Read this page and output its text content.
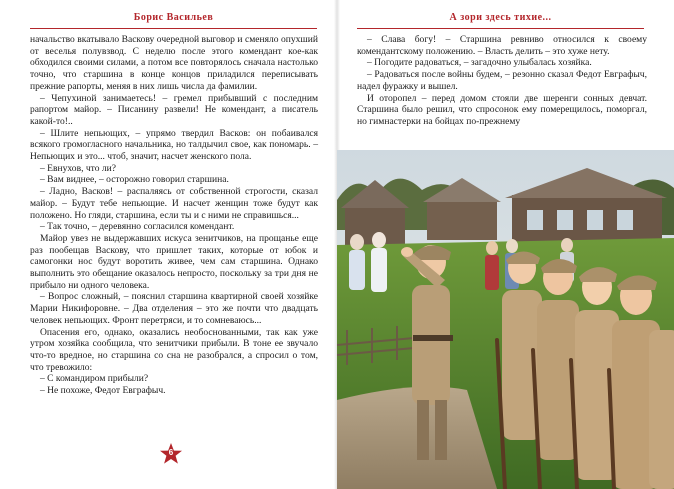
Борис Васильев

начальство вкатывало Васкову очередной выговор и сменяло опухший от веселья полувзвод. С неделю после этого комендант кое-как обходился своими силами, а потом все повторялось сначала настолько точно, что старшина в конце концов приладился переписывать прежние рапорты, меняя в них лишь числа да фамилии.

– Чепухиной занимаетесь! – гремел прибывший с последним рапортом майор. – Писанину развели! Не комендант, а писатель какой-то!..

– Шлите непьющих, – упрямо твердил Васков: он побаивался всякого громогласного начальника, но талдычил свое, как пономарь. – Непьющих и это... чтоб, значит, насчет женского пола.

– Евнухов, что ли?

– Вам виднее, – осторожно говорил старшина.

– Ладно, Васков! – распаляясь от собственной строгости, сказал майор. – Будут тебе непьющие. И насчет женщин тоже будут как положено. Но гляди, старшина, если ты и с ними не справишься...

– Так точно, – деревянно согласился комендант.

Майор увез не выдержавших искуса зенитчиков, на прощанье еще раз пообещав Васкову, что пришлет таких, которые от юбок и самогонки нос будут воротить живее, чем сам старшина. Однако выполнить это обещание оказалось непросто, поскольку за три дня не прибыло ни одного человека.

– Вопрос сложный, – пояснил старшина квартирной своей хозяйке Марии Никифоровне. – Два отделения – это же почти что двадцать человек непьющих. Фронт перетряси, и то сомневаюсь...

Опасения его, однако, оказались необоснованными, так как уже утром хозяйка сообщила, что зенитчики прибыли. В тоне ее звучало что-то вредное, но старшина со сна не разобрался, а спросил о том, что тревожило:

– С командиром прибыли?

– Не похоже, Федот Евграфыч.

6
А зори здесь тихие...

– Слава богу! – Старшина ревниво относился к своему комендантскому положению. – Власть делить – это хуже нету.

– Погодите радоваться, – загадочно улыбалась хозяйка.

– Радоваться после войны будем, – резонно сказал Федот Евграфыч, надел фуражку и вышел.

И оторопел – перед домом стояли две шеренги сонных девчат. Старшина было решил, что спросонок ему померещилось, поморгал, но гимнастерки на бойцах по-прежнему
